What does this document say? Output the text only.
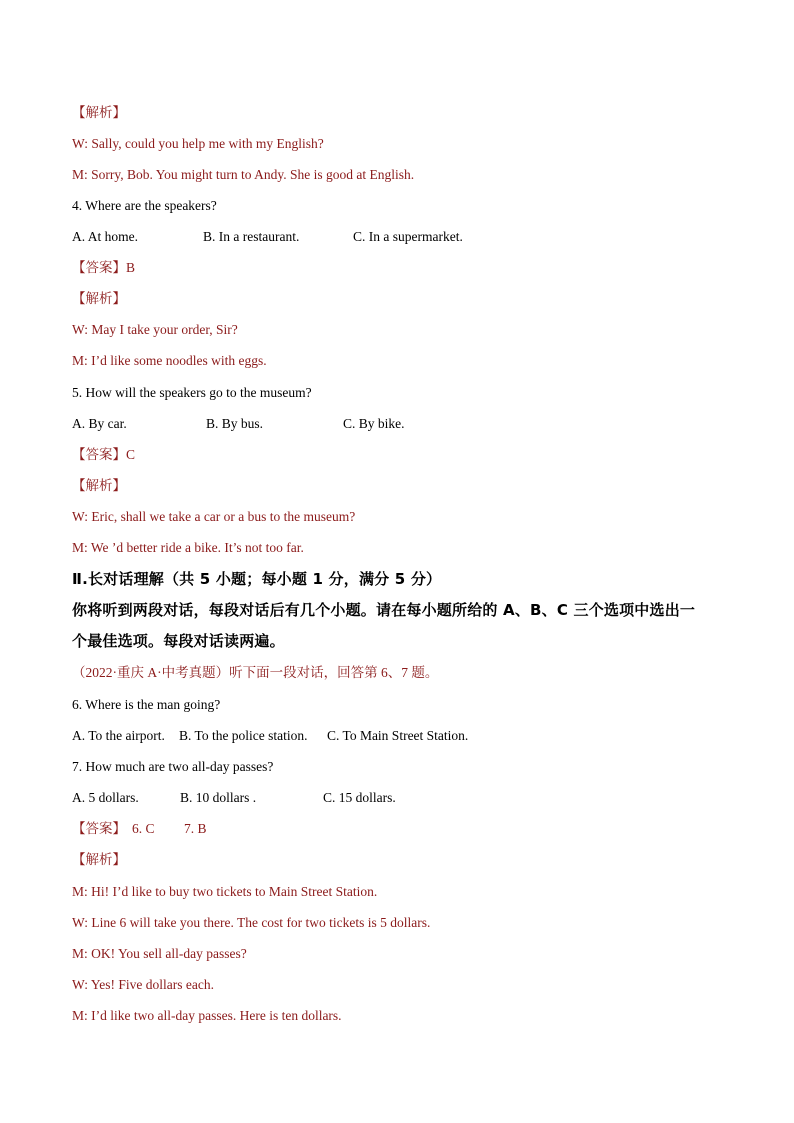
【解析】
W: Sally, could you help me with my English?
M: Sorry, Bob. You might turn to Andy. She is good at English.
4. Where are the speakers?
A. At home.	B. In a restaurant.	C. In a supermarket.
【答案】B
【解析】
W: May I take your order, Sir?
M: I’d like some noodles with eggs.
5. How will the speakers go to the museum?
A. By car.	B. By bus.	C. By bike.
【答案】C
【解析】
W: Eric, shall we take a car or a bus to the museum?
M: We ’d better ride a bike. It’s not too far.
Ⅱ.长对话理解（共 5 小题；每小题 1 分，满分 5 分）
你将听到两段对话，每段对话后有几个小题。请在每小题所给的 A、B、C 三个选项中选出一
个最佳选项。每段对话读两遍。
（2022·重庆 A·中考真题）听下面一段对话，回答第 6、7 题。
6. Where is the man going?
A. To the airport. B. To the police station. C. To Main Street Station.
7. How much are two all-day passes?
A. 5 dollars.	B. 10 dollars .	C. 15 dollars.
【答案】 6. C 7. B
【解析】
M: Hi! I’d like to buy two tickets to Main Street Station.
W: Line 6 will take you there. The cost for two tickets is 5 dollars.
M: OK! You sell all-day passes?
W: Yes! Five dollars each.
M: I’d like two all-day passes. Here is ten dollars.
